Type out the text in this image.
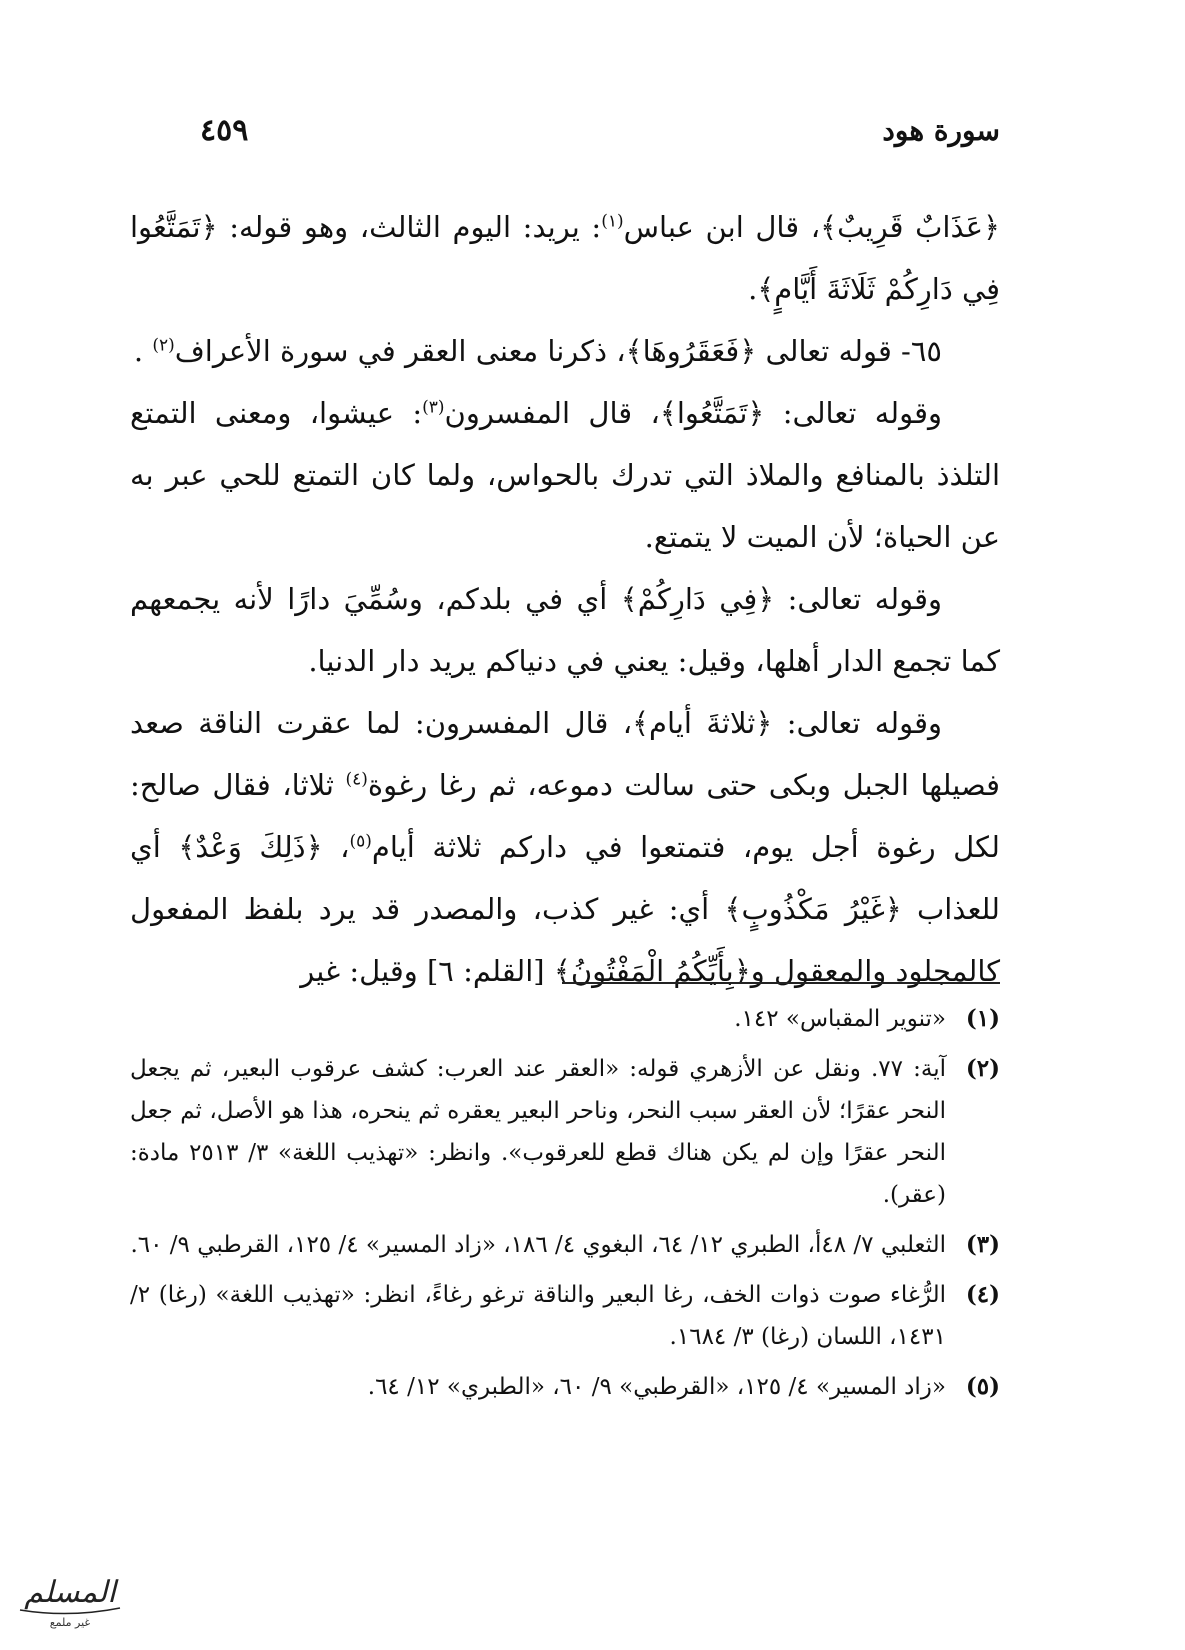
سورة هود
٤٥٩

﴿عَذَابٌ قَرِيبٌ﴾، قال ابن عباس$^{(١)}$: يريد: اليوم الثالث، وهو قوله: ﴿تَمَتَّعُوا فِي دَارِكُمْ ثَلَاثَةَ أَيَّامٍ﴾.

٦٥- قوله تعالى ﴿فَعَقَرُوهَا﴾، ذكرنا معنى العقر في سورة الأعراف$^{(٢)}$ .

وقوله تعالى: ﴿تَمَتَّعُوا﴾، قال المفسرون$^{(٣)}$: عيشوا، ومعنى التمتع التلذذ بالمنافع والملاذ التي تدرك بالحواس، ولما كان التمتع للحي عبر به عن الحياة؛ لأن الميت لا يتمتع.

وقوله تعالى: ﴿فِي دَارِكُمْ﴾ أي في بلدكم، وسُمِّيَ دارًا لأنه يجمعهم كما تجمع الدار أهلها، وقيل: يعني في دنياكم يريد دار الدنيا.

وقوله تعالى: ﴿ثلاثةَ أيام﴾، قال المفسرون: لما عقرت الناقة صعد فصيلها الجبل وبكى حتى سالت دموعه، ثم رغا رغوة$^{(٤)}$ ثلاثا، فقال صالح: لكل رغوة أجل يوم، فتمتعوا في داركم ثلاثة أيام$^{(٥)}$، ﴿ذَلِكَ وَعْدٌ﴾ أي للعذاب ﴿غَيْرُ مَكْذُوبٍ﴾ أي: غير كذب، والمصدر قد يرد بلفظ المفعول كالمجلود والمعقول و﴿بِأَيِّكُمُ الْمَفْتُونُ﴾ [القلم: ٦] وقيل: غير

(١)
«تنوير المقباس» ١٤٢.
(٢)
آية: ٧٧. ونقل عن الأزهري قوله: «العقر عند العرب: كشف عرقوب البعير، ثم يجعل النحر عقرًا؛ لأن العقر سبب النحر، وناحر البعير يعقره ثم ينحره، هذا هو الأصل، ثم جعل النحر عقرًا وإن لم يكن هناك قطع للعرقوب». وانظر: «تهذيب اللغة» ٣/ ٢٥١٣ مادة: (عقر).
(٣)
الثعلبي ٧/ ٤٨أ، الطبري ١٢/ ٦٤، البغوي ٤/ ١٨٦، «زاد المسير» ٤/ ١٢٥، القرطبي ٩/ ٦٠.
(٤)
الرُّغاء صوت ذوات الخف، رغا البعير والناقة ترغو رغاءً، انظر: «تهذيب اللغة» (رغا) ٢/ ١٤٣١، اللسان (رغا) ٣/ ١٦٨٤.
(٥)
«زاد المسير» ٤/ ١٢٥، «القرطبي» ٩/ ٦٠، «الطبري» ١٢/ ٦٤.
المسلم
غير ملمع
